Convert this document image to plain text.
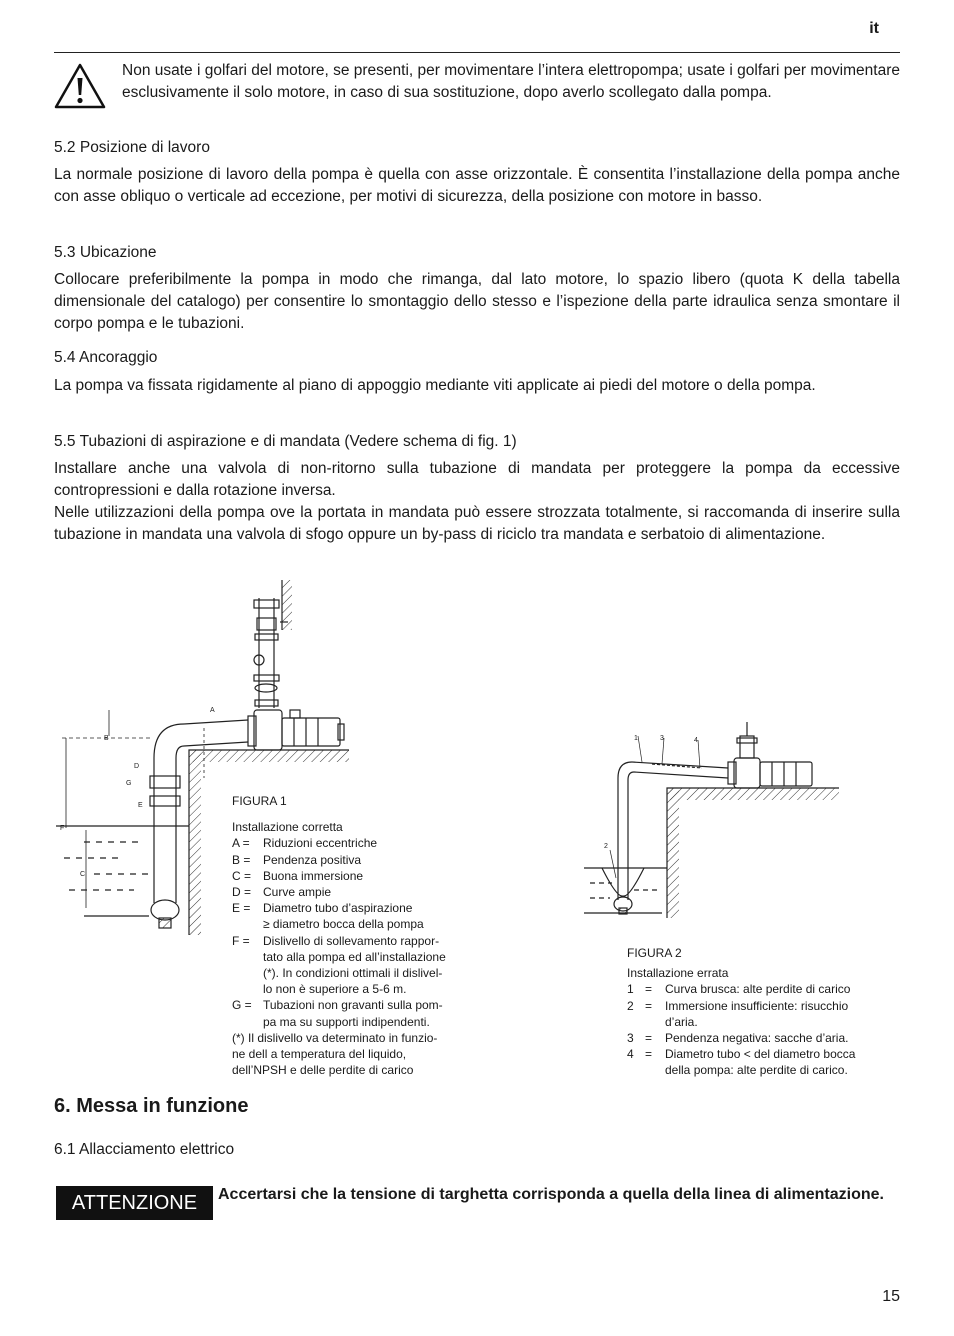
it
Non usate i golfari del motore, se presenti, per movimentare l’intera elettropompa; usate i golfari per movimentare esclusivamente il solo motore, in caso di sua sostituzione, dopo averlo scollegato dalla pompa.
5.2 Posizione di lavoro

La normale posizione di lavoro della pompa è quella con asse orizzontale. È consentita l’installazione della pompa anche con asse obliquo o verticale ad eccezione, per motivi di sicurezza, della posizione con motore in basso.

5.3 Ubicazione

Collocare preferibilmente la pompa in modo che rimanga, dal lato motore, lo spazio libero (quota K della tabella dimensionale del catalogo) per consentire lo smontaggio dello stesso e l’ispezione della parte idraulica senza smontare il corpo pompa e le tubazioni.

5.4 Ancoraggio

La pompa va fissata rigidamente al piano di appoggio mediante viti applicate ai piedi del motore o della pompa.

5.5 Tubazioni di aspirazione e di mandata (Vedere schema di fig. 1)

Installare anche una valvola di non-ritorno sulla tubazione di mandata per proteggere la pompa da eccessive contropressioni e dalla rotazione inversa.

Nelle utilizzazioni della pompa ove la portata in mandata può essere strozzata totalmente, si raccomanda di inserire sulla tubazione in mandata una valvola di sfogo oppure un by-pass di riciclo tra mandata e serbatoio di alimentazione.

A
B
D
G
E
F
C
FIGURA 1
Installazione corretta
A =	Riduzioni eccentriche
B =	Pendenza positiva
C = Buona immersione
D = Curve ampie
E =	Diametro tubo d’aspirazione
≥ diametro bocca della pompa
F =	Dislivello di sollevamento rappor-
tato alla pompa ed all’installazione
(*). In condizioni ottimali il dislivel-
lo non è superiore a 5-6 m.
G = Tubazioni non gravanti sulla pom-
pa ma su supporti indipendenti.
(*) Il dislivello va determinato in funzio-
ne dell a temperatura del liquido,
dell’NPSH e delle perdite di carico
1	3	4
2
FIGURA 2
Installazione errata
1 =	Curva brusca: alte perdite di carico
2 =	Immersione insufficiente: risucchio
d’aria.
3 =	Pendenza negativa: sacche d’aria.
4 =	Diametro tubo < del diametro bocca
della pompa: alte perdite di carico.
6. Messa in funzione
6.1 Allacciamento elettrico
ATTENZIONE	Accertarsi che la tensione di targhetta corrisponda a quella della linea di alimentazione.
15
